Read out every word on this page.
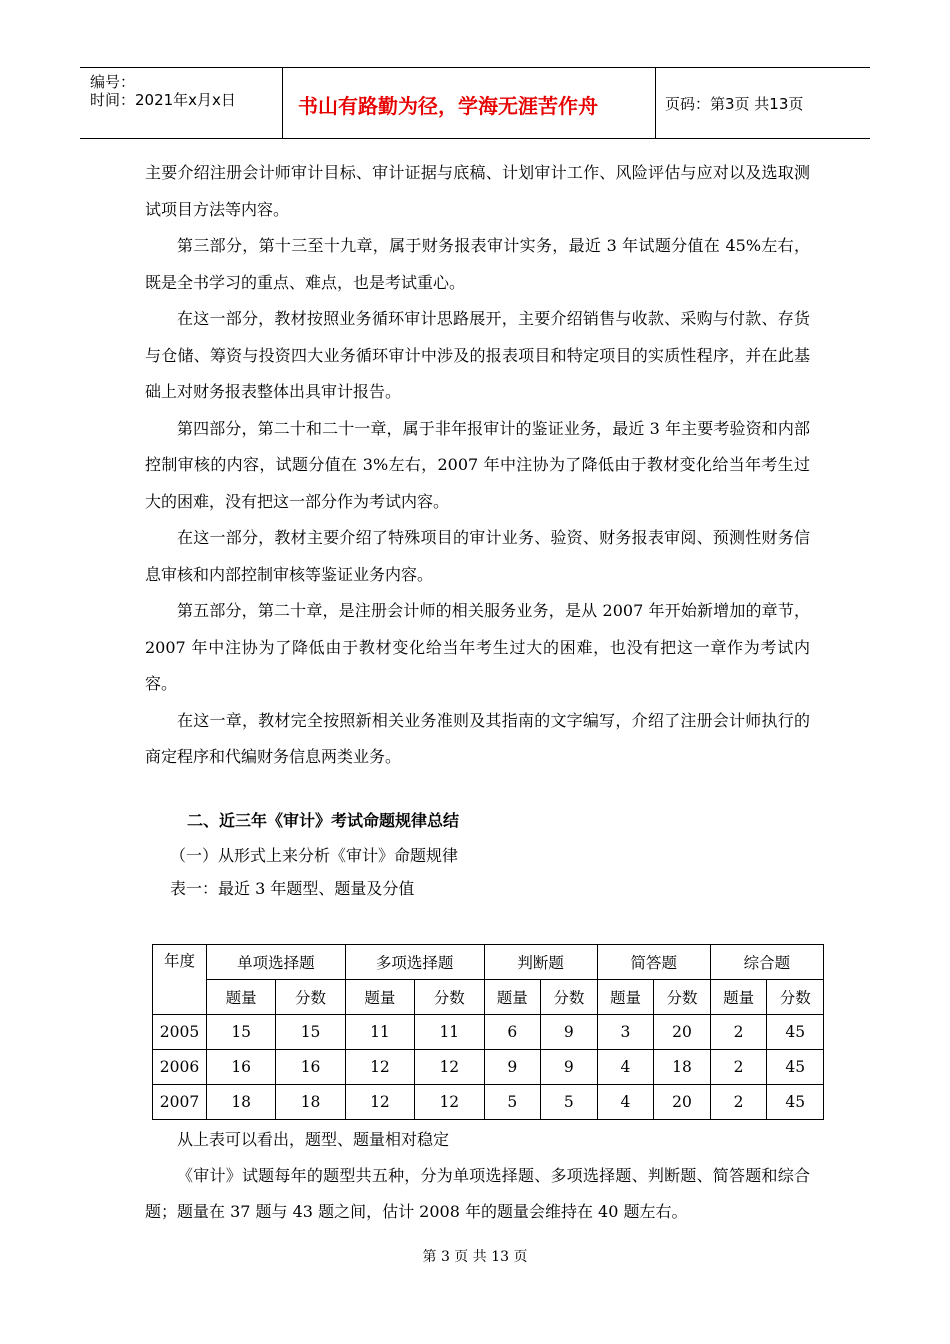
编号：
时间：2021年x月x日	书山有路勤为径，学海无涯苦作舟	页码：第3页 共13页

主要介绍注册会计师审计目标、审计证据与底稿、计划审计工作、风险评估与应对以及选取测试项目方法等内容。

第三部分，第十三至十九章，属于财务报表审计实务，最近 3 年试题分值在 45%左右，既是全书学习的重点、难点，也是考试重心。

在这一部分，教材按照业务循环审计思路展开，主要介绍销售与收款、采购与付款、存货与仓储、筹资与投资四大业务循环审计中涉及的报表项目和特定项目的实质性程序，并在此基础上对财务报表整体出具审计报告。

第四部分，第二十和二十一章，属于非年报审计的鉴证业务，最近 3 年主要考验资和内部控制审核的内容，试题分值在 3%左右，2007 年中注协为了降低由于教材变化给当年考生过大的困难，没有把这一部分作为考试内容。

在这一部分，教材主要介绍了特殊项目的审计业务、验资、财务报表审阅、预测性财务信息审核和内部控制审核等鉴证业务内容。

第五部分，第二十章，是注册会计师的相关服务业务，是从 2007 年开始新增加的章节，2007 年中注协为了降低由于教材变化给当年考生过大的困难，也没有把这一章作为考试内容。

在这一章，教材完全按照新相关业务准则及其指南的文字编写，介绍了注册会计师执行的商定程序和代编财务信息两类业务。

二、近三年《审计》考试命题规律总结
（一）从形式上来分析《审计》命题规律
表一：最近 3 年题型、题量及分值
年度	单项选择题		多项选择题		判断题		简答题		综合题	
	题量	分数	题量	分数	题量	分数	题量	分数	题量	分数
2005	15	15	11	11	6	9	3	20	2	45
2006	16	16	12	12	9	9	4	18	2	45
2007	18	18	12	12	5	5	4	20	2	45

从上表可以看出，题型、题量相对稳定

《审计》试题每年的题型共五种，分为单项选择题、多项选择题、判断题、简答题和综合题；题量在 37 题与 43 题之间，估计 2008 年的题量会维持在 40 题左右。

第 3 页 共 13 页
